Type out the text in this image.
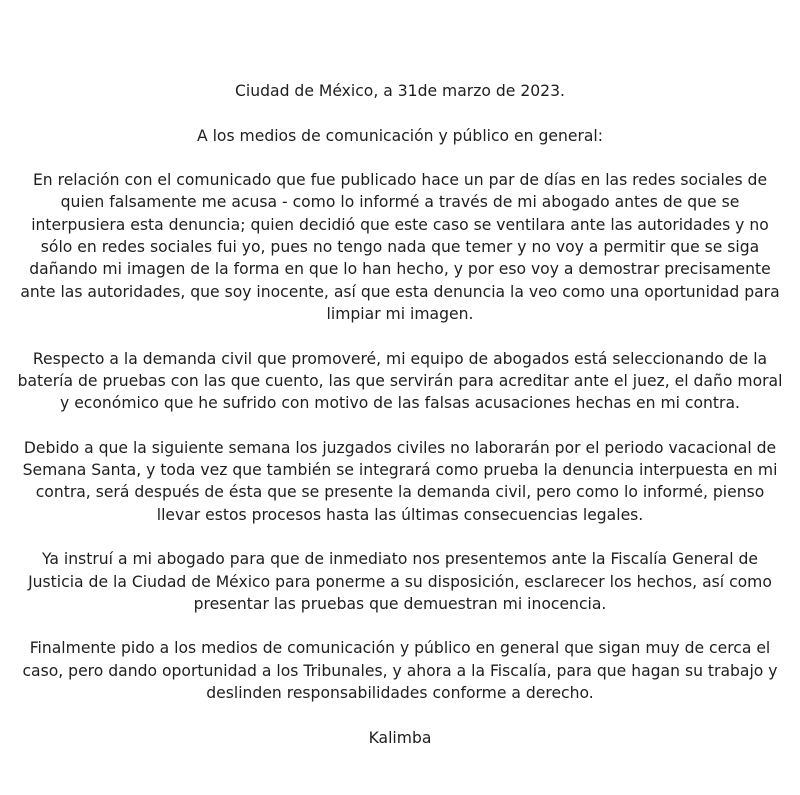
Ciudad de México, a 31de marzo de 2023.

A los medios de comunicación y público en general:

En relación con el comunicado que fue publicado hace un par de días en las redes sociales de quien falsamente me acusa - como lo informé a través de mi abogado antes de que se interpusiera esta denuncia; quien decidió que este caso se ventilara ante las autoridades y no sólo en redes sociales fui yo, pues no tengo nada que temer y no voy a permitir que se siga dañando mi imagen de la forma en que lo han hecho, y por eso voy a demostrar precisamente ante las autoridades, que soy inocente, así que esta denuncia la veo como una oportunidad para limpiar mi imagen.

Respecto a la demanda civil que promoveré, mi equipo de abogados está seleccionando de la batería de pruebas con las que cuento, las que servirán para acreditar ante el juez, el daño moral y económico que he sufrido con motivo de las falsas acusaciones hechas en mi contra.

Debido a que la siguiente semana los juzgados civiles no laborarán por el periodo vacacional de Semana Santa, y toda vez que también se integrará como prueba la denuncia interpuesta en mi contra, será después de ésta que se presente la demanda civil, pero como lo informé, pienso llevar estos procesos hasta las últimas consecuencias legales.

Ya instruí a mi abogado para que de inmediato nos presentemos ante la Fiscalía General de Justicia de la Ciudad de México para ponerme a su disposición, esclarecer los hechos, así como presentar las pruebas que demuestran mi inocencia.

Finalmente pido a los medios de comunicación y público en general que sigan muy de cerca el caso, pero dando oportunidad a los Tribunales, y ahora a la Fiscalía, para que hagan su trabajo y deslinden responsabilidades conforme a derecho.

Kalimba
